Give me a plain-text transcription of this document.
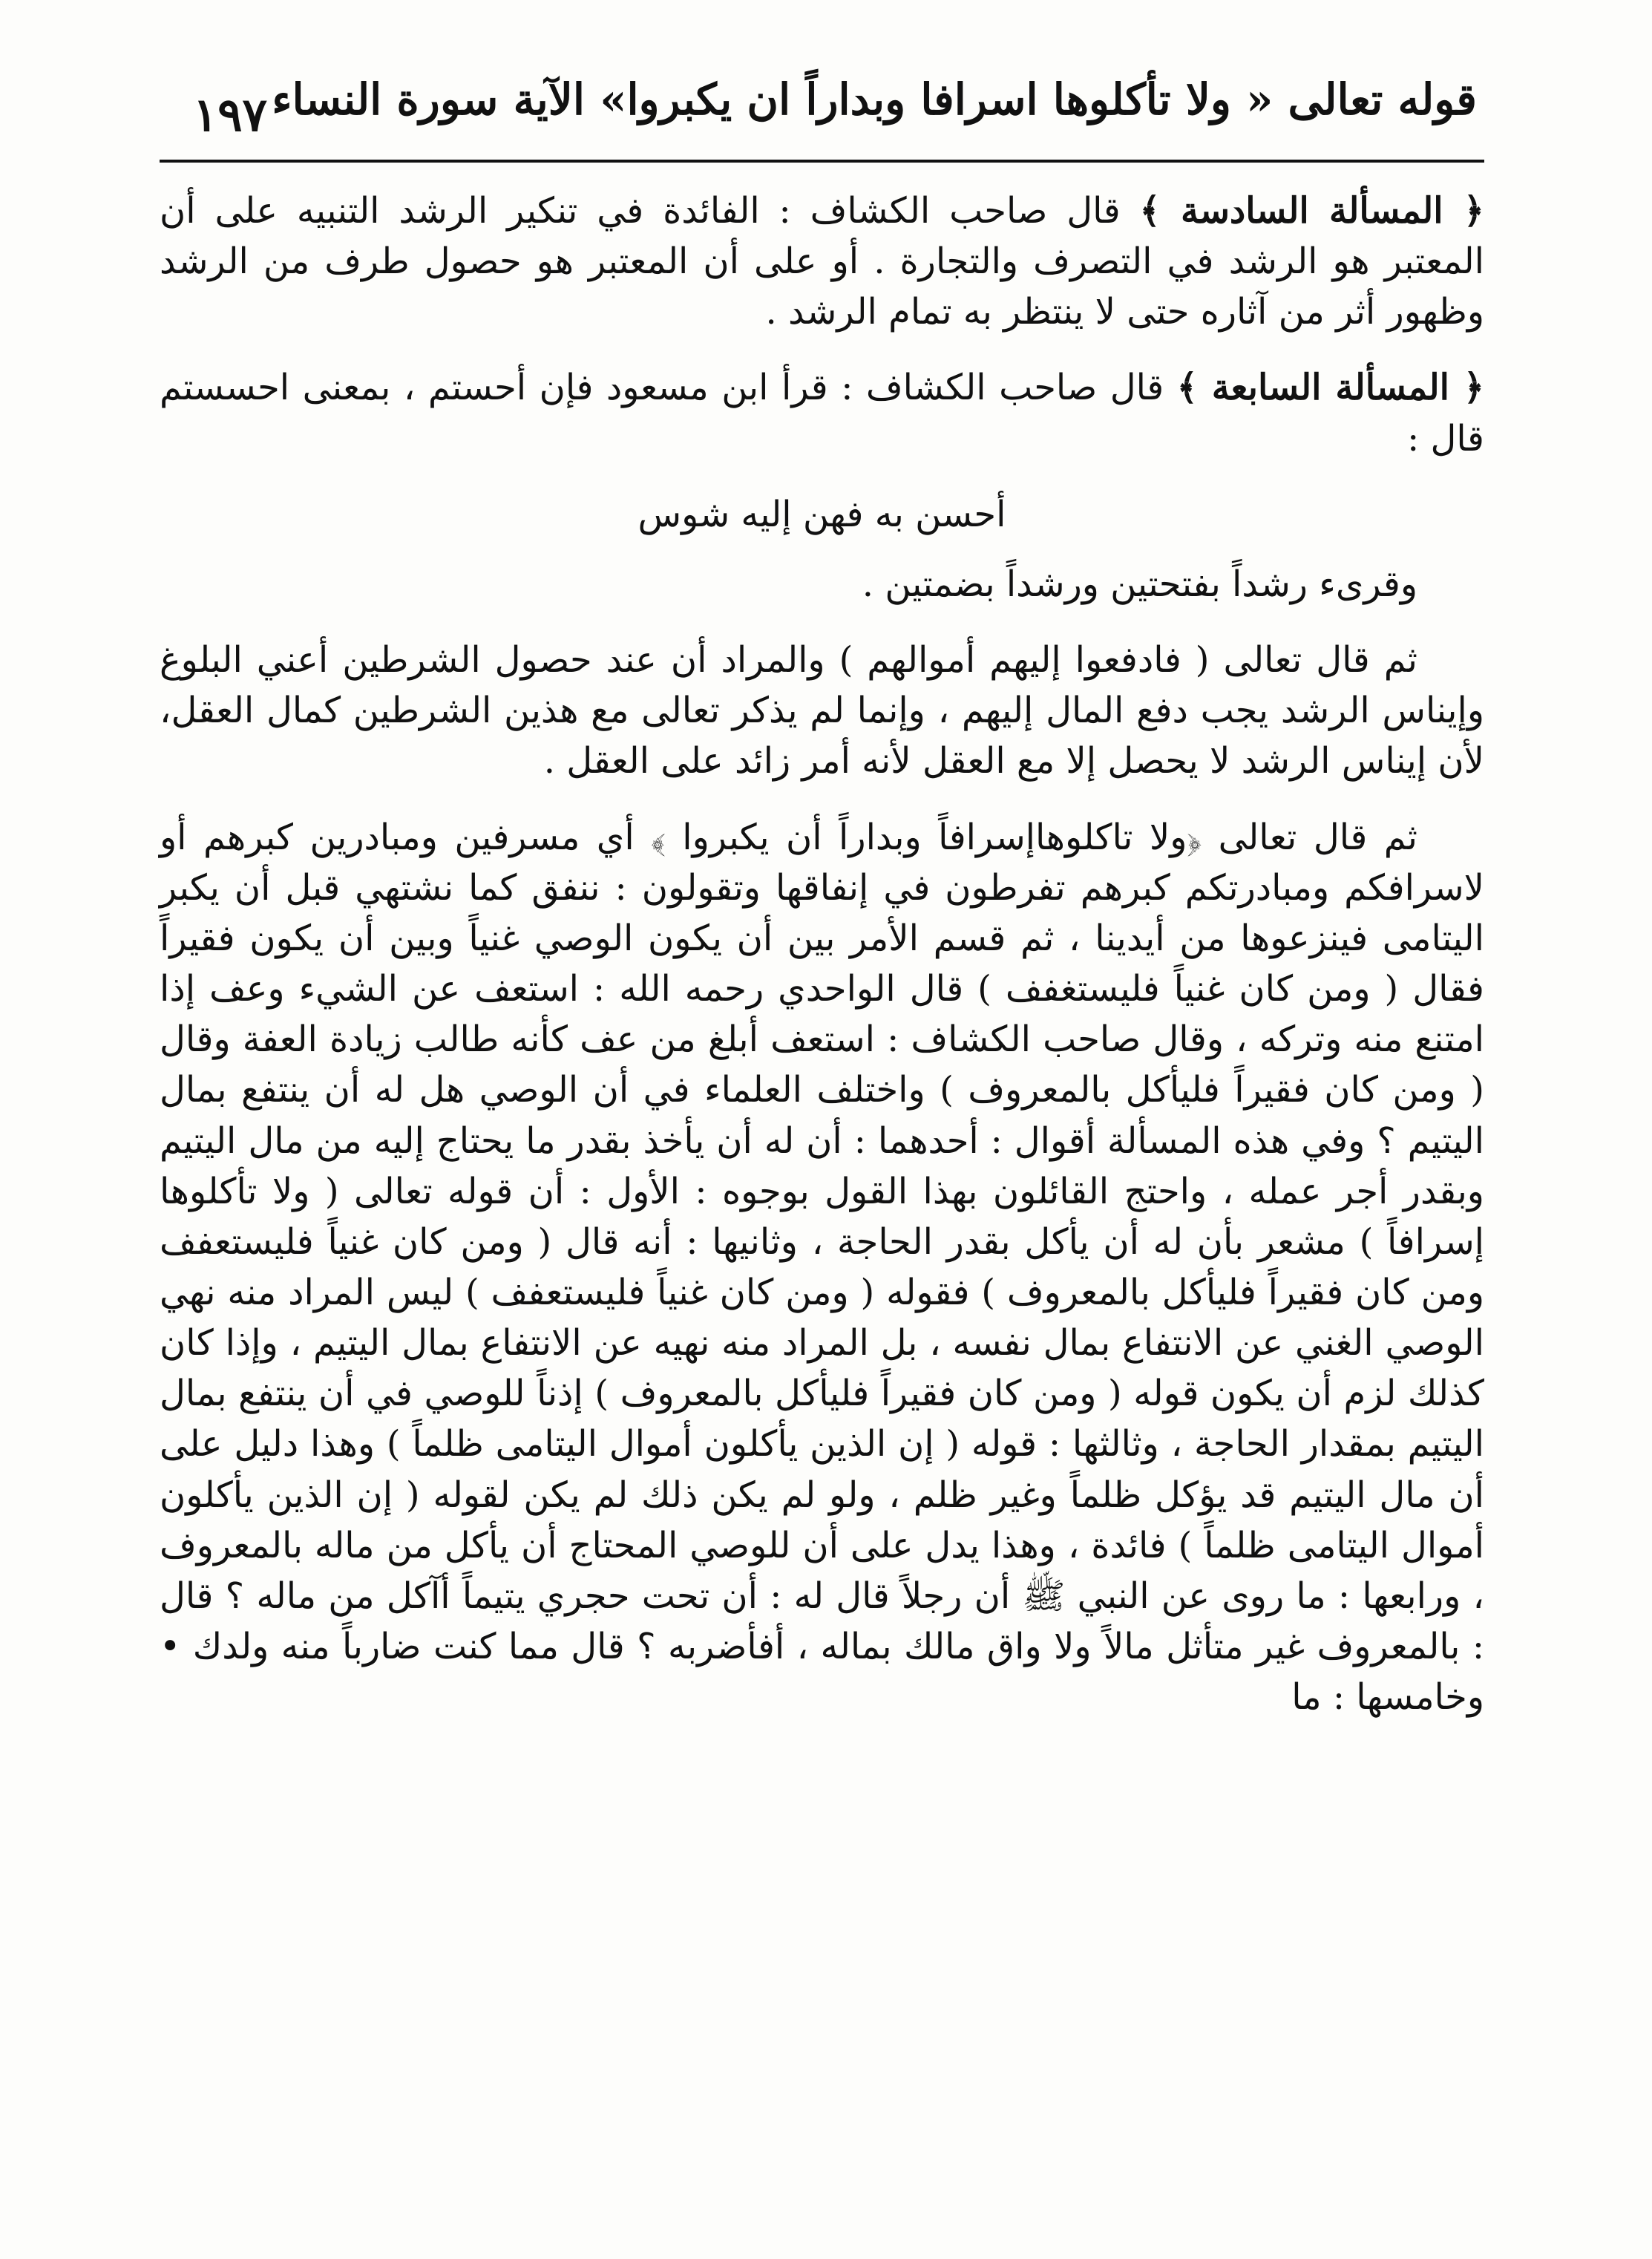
١٩٧ قوله تعالى « ولا تأكلوها اسرافا وبداراً ان يكبروا» الآية سورة النساء

﴿ المسألة السادسة ﴾ قال صاحب الكشاف : الفائدة في تنكير الرشد التنبيه على أن المعتبر هو الرشد في التصرف والتجارة . أو على أن المعتبر هو حصول طرف من الرشد وظهور أثر من آثاره حتى لا ينتظر به تمام الرشد .

﴿ المسألة السابعة ﴾ قال صاحب الكشاف : قرأ ابن مسعود فإن أحستم ، بمعنى احسستم قال :

أحسن به فهن إليه شوس

وقرىء رشداً بفتحتين ورشداً بضمتين .

ثم قال تعالى ( فادفعوا إليهم أموالهم ) والمراد أن عند حصول الشرطين أعني البلوغ وإيناس الرشد يجب دفع المال إليهم ، وإنما لم يذكر تعالى مع هذين الشرطين كمال العقل، لأن إيناس الرشد لا يحصل إلا مع العقل لأنه أمر زائد على العقل .

ثم قال تعالى ﴿ولا تاكلوهاإسرافاً وبداراً أن يكبروا ﴾ أي مسرفين ومبادرين كبرهم أو لاسرافكم ومبادرتكم كبرهم تفرطون في إنفاقها وتقولون : ننفق كما نشتهي قبل أن يكبر اليتامى فينزعوها من أيدينا ، ثم قسم الأمر بين أن يكون الوصي غنياً وبين أن يكون فقيراً فقال ( ومن كان غنياً فليستغفف ) قال الواحدي رحمه الله : استعف عن الشيء وعف إذا امتنع منه وتركه ، وقال صاحب الكشاف : استعف أبلغ من عف كأنه طالب زيادة العفة وقال ( ومن كان فقيراً فليأكل بالمعروف ) واختلف العلماء في أن الوصي هل له أن ينتفع بمال اليتيم ؟ وفي هذه المسألة أقوال : أحدهما : أن له أن يأخذ بقدر ما يحتاج إليه من مال اليتيم وبقدر أجر عمله ، واحتج القائلون بهذا القول بوجوه : الأول : أن قوله تعالى ( ولا تأكلوها إسرافاً ) مشعر بأن له أن يأكل بقدر الحاجة ، وثانيها : أنه قال ( ومن كان غنياً فليستعفف ومن كان فقيراً فليأكل بالمعروف ) فقوله ( ومن كان غنياً فليستعفف ) ليس المراد منه نهي الوصي الغني عن الانتفاع بمال نفسه ، بل المراد منه نهيه عن الانتفاع بمال اليتيم ، وإذا كان كذلك لزم أن يكون قوله ( ومن كان فقيراً فليأكل بالمعروف ) إذناً للوصي في أن ينتفع بمال اليتيم بمقدار الحاجة ، وثالثها : قوله ( إن الذين يأكلون أموال اليتامى ظلماً ) وهذا دليل على أن مال اليتيم قد يؤكل ظلماً وغير ظلم ، ولو لم يكن ذلك لم يكن لقوله ( إن الذين يأكلون أموال اليتامى ظلماً ) فائدة ، وهذا يدل على أن للوصي المحتاج أن يأكل من ماله بالمعروف ، ورابعها : ما روى عن النبي ﷺ أن رجلاً قال له : أن تحت حجري يتيماً أآكل من ماله ؟ قال : بالمعروف غير متأثل مالاً ولا واق مالك بماله ، أفأضربه ؟ قال مما كنت ضارباً منه ولدك • وخامسها : ما
